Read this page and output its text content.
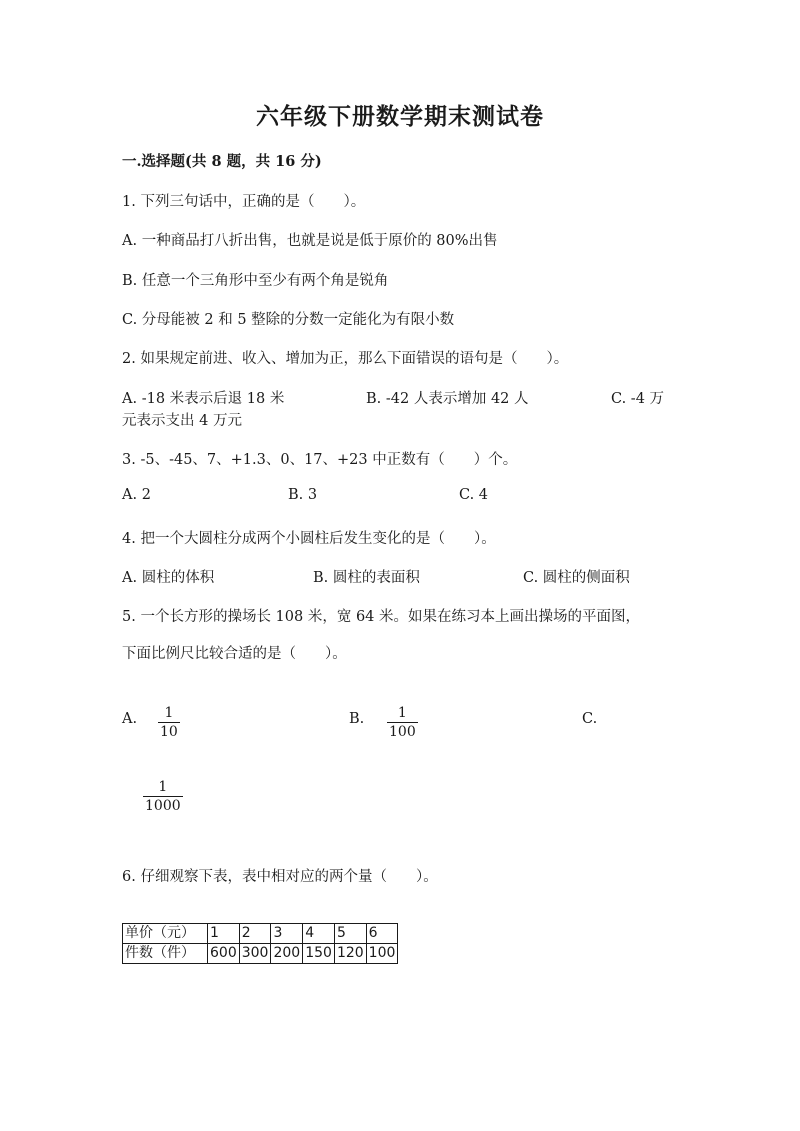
六年级下册数学期末测试卷
一.选择题(共 8 题，共 16 分)
1. 下列三句话中，正确的是（　　）。
A. 一种商品打八折出售，也就是说是低于原价的 80%出售
B. 任意一个三角形中至少有两个角是锐角
C. 分母能被 2 和 5 整除的分数一定能化为有限小数
2. 如果规定前进、收入、增加为正，那么下面错误的语句是（　　）。
A. -18 米表示后退 18 米	B. -42 人表示增加 42 人	C. -4 万
元表示支出 4 万元
3. -5、-45、7、+1.3、0、17、+23 中正数有（　　）个。
A. 2	B. 3	C. 4
4. 把一个大圆柱分成两个小圆柱后发生变化的是（　　）。
A. 圆柱的体积	B. 圆柱的表面积	C. 圆柱的侧面积
5. 一个长方形的操场长 108 米，宽 64 米。如果在练习本上画出操场的平面图，
下面比例尺比较合适的是（　　）。
A.	1
10
B.	1
100
C.
1
1000
6. 仔细观察下表，表中相对应的两个量（　　）。
单价（元）	1	2	3	4	5	6
件数（件）	600	300	200	150	120	100
